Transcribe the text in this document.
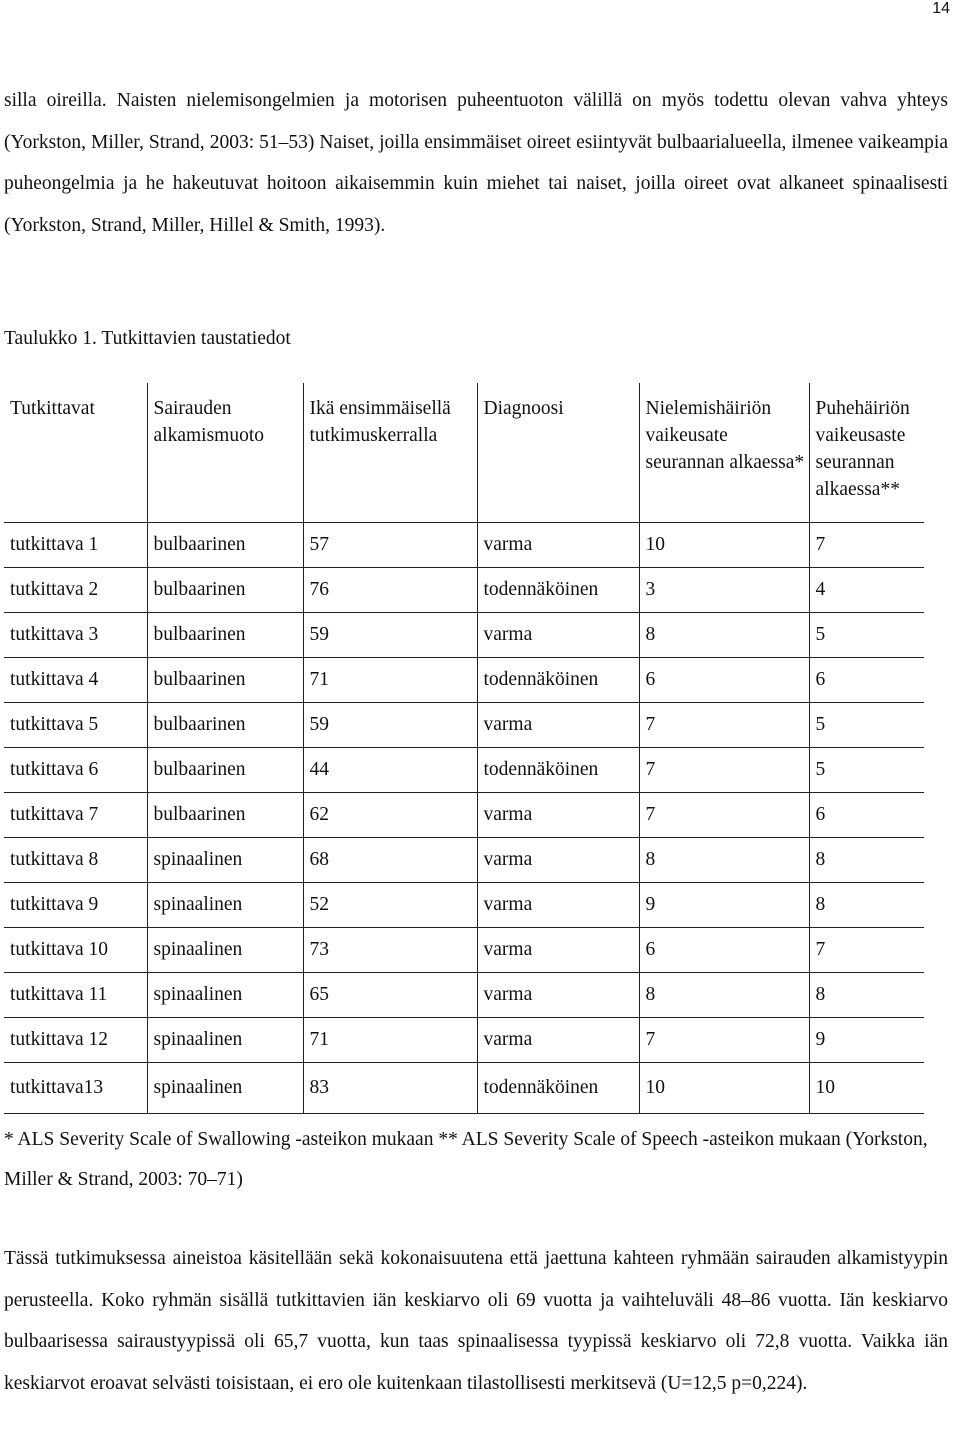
14

silla oireilla. Naisten nielemisongelmien ja motorisen puheentuoton välillä on myös todettu olevan vahva yhteys (Yorkston, Miller, Strand, 2003: 51–53) Naiset, joilla ensimmäiset oireet esiintyvät bulbaarialueella, ilmenee vaikeampia puheongelmia ja he hakeutuvat hoitoon aikaisemmin kuin miehet tai naiset, joilla oireet ovat alkaneet spinaalisesti (Yorkston, Strand, Miller, Hillel & Smith, 1993).

Taulukko 1. Tutkittavien taustatiedot
Tutkittavat	Sairauden alkamismuoto	Ikä ensimmäisellä tutkimuskerralla	Diagnoosi	Nielemishäiriön vaikeusate seurannan alkaessa*	Puhehäiriön vaikeusaste seurannan alkaessa**
tutkittava 1	bulbaarinen	57	varma	10	7
tutkittava 2	bulbaarinen	76	todennäköinen	3	4
tutkittava 3	bulbaarinen	59	varma	8	5
tutkittava 4	bulbaarinen	71	todennäköinen	6	6
tutkittava 5	bulbaarinen	59	varma	7	5
tutkittava 6	bulbaarinen	44	todennäköinen	7	5
tutkittava 7	bulbaarinen	62	varma	7	6
tutkittava 8	spinaalinen	68	varma	8	8
tutkittava 9	spinaalinen	52	varma	9	8
tutkittava 10	spinaalinen	73	varma	6	7
tutkittava 11	spinaalinen	65	varma	8	8
tutkittava 12	spinaalinen	71	varma	7	9
tutkittava13	spinaalinen	83	todennäköinen	10	10
* ALS Severity Scale of Swallowing -asteikon mukaan ** ALS Severity Scale of Speech -asteikon mukaan (Yorkston, Miller & Strand, 2003: 70–71)

Tässä tutkimuksessa aineistoa käsitellään sekä kokonaisuutena että jaettuna kahteen ryhmään sairauden alkamistyypin perusteella. Koko ryhmän sisällä tutkittavien iän keskiarvo oli 69 vuotta ja vaihteluväli 48–86 vuotta. Iän keskiarvo bulbaarisessa sairaustyypissä oli 65,7 vuotta, kun taas spinaalisessa tyypissä keskiarvo oli 72,8 vuotta. Vaikka iän keskiarvot eroavat selvästi toisistaan, ei ero ole kuitenkaan tilastollisesti merkitsevä (U=12,5 p=0,224).
